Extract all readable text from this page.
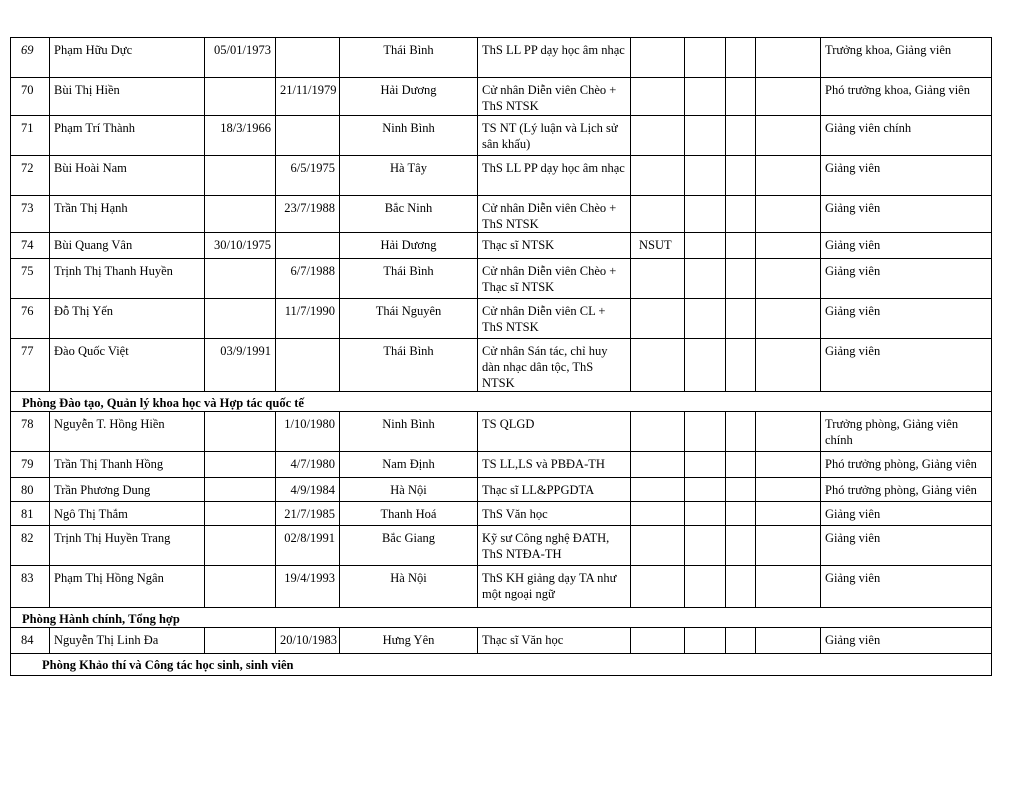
69	Phạm Hữu Dực	05/01/1973		Thái Bình	ThS LL PP dạy học âm nhạc					Trưởng khoa, Giảng viên
70	Bùi Thị Hiền		21/11/1979	Hải Dương	Cử nhân Diễn viên Chèo + ThS NTSK					Phó trưởng khoa, Giảng viên
71	Phạm Trí Thành	18/3/1966		Ninh Bình	TS NT (Lý luận và Lịch sử sân khấu)					Giảng viên chính
72	Bùi Hoài Nam		6/5/1975	Hà Tây	ThS LL PP dạy học âm nhạc					Giảng viên
73	Trần Thị Hạnh		23/7/1988	Bắc Ninh	Cử nhân Diễn viên Chèo + ThS NTSK					Giảng viên
74	Bùi Quang Vân	30/10/1975		Hải Dương	Thạc sĩ NTSK	NSUT				Giảng viên
75	Trịnh Thị Thanh Huyền		6/7/1988	Thái Bình	Cử nhân Diễn viên Chèo + Thạc sĩ NTSK					Giảng viên
76	Đỗ Thị Yến		11/7/1990	Thái Nguyên	Cử nhân Diễn viên CL + ThS NTSK					Giảng viên
77	Đào Quốc Việt	03/9/1991		Thái Bình	Cử nhân Sán tác, chỉ huy dàn nhạc dân tộc, ThS NTSK					Giảng viên
Phòng Đào tạo, Quản lý khoa học và Hợp tác quốc tế										
78	Nguyễn T. Hồng Hiền		1/10/1980	Ninh Bình	TS QLGD					Trưởng phòng, Giảng viên chính
79	Trần Thị Thanh Hồng		4/7/1980	Nam Định	TS LL,LS và PBĐA-TH					Phó trưởng phòng, Giảng viên
80	Trần Phương Dung		4/9/1984	Hà Nội	Thạc sĩ LL&PPGDTA					Phó trưởng phòng, Giảng viên
81	Ngô Thị Thắm		21/7/1985	Thanh Hoá	ThS Văn học					Giảng viên
82	Trịnh Thị Huyền Trang		02/8/1991	Bắc Giang	Kỹ sư Công nghệ ĐATH, ThS NTĐA-TH					Giảng viên
83	Phạm Thị Hồng Ngân		19/4/1993	Hà Nội	ThS KH giảng dạy TA như một ngoại ngữ					Giảng viên
Phòng Hành chính, Tổng hợp										
84	Nguyễn Thị Linh Đa		20/10/1983	Hưng Yên	Thạc sĩ Văn học					Giảng viên
Phòng Khảo thí và Công tác học sinh, sinh viên										
